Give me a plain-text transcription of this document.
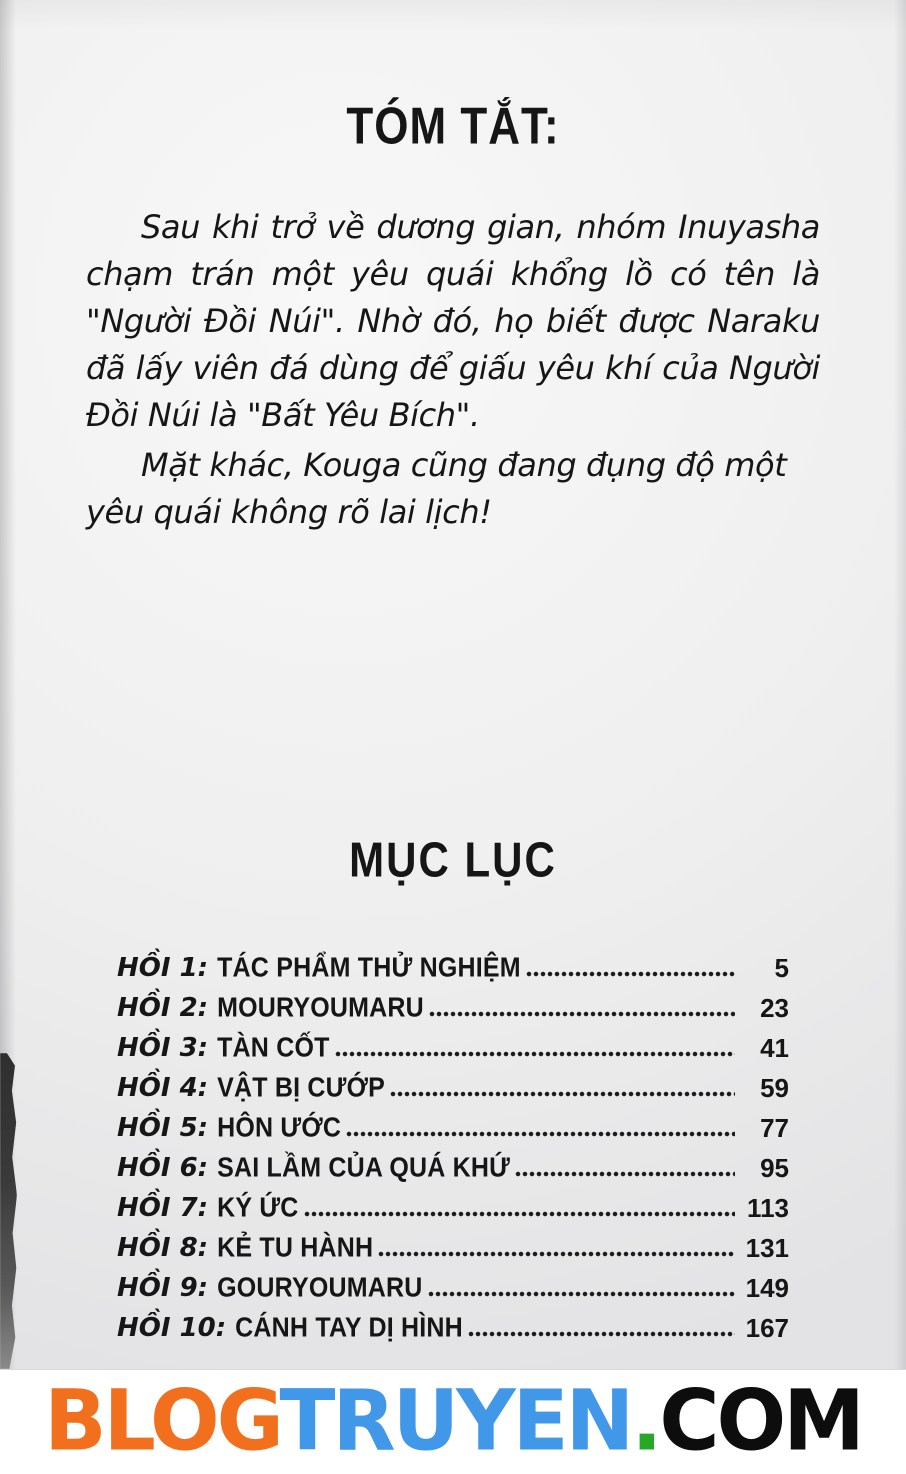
TÓM TẮT:

Sau khi trở về dương gian, nhóm Inuyasha chạm trán một yêu quái khổng lồ có tên là "Người Đồi Núi". Nhờ đó, họ biết được Naraku đã lấy viên đá dùng để giấu yêu khí của Người Đồi Núi là "Bất Yêu Bích".

Mặt khác, Kouga cũng đang đụng độ một yêu quái không rõ lai lịch!

MỤC LỤC
HỒI 1: TÁC PHẨM THỬ NGHIỆM	5
HỒI 2: MOURYOUMARU	23
HỒI 3: TÀN CỐT	41
HỒI 4: VẬT BỊ CƯỚP	59
HỒI 5: HÔN ƯỚC	77
HỒI 6: SAI LẦM CỦA QUÁ KHỨ	95
HỒI 7: KÝ ỨC	113
HỒI 8: KẺ TU HÀNH	131
HỒI 9: GOURYOUMARU	149
HỒI 10: CÁNH TAY DỊ HÌNH	167
BLOGTRUYEN.COM
